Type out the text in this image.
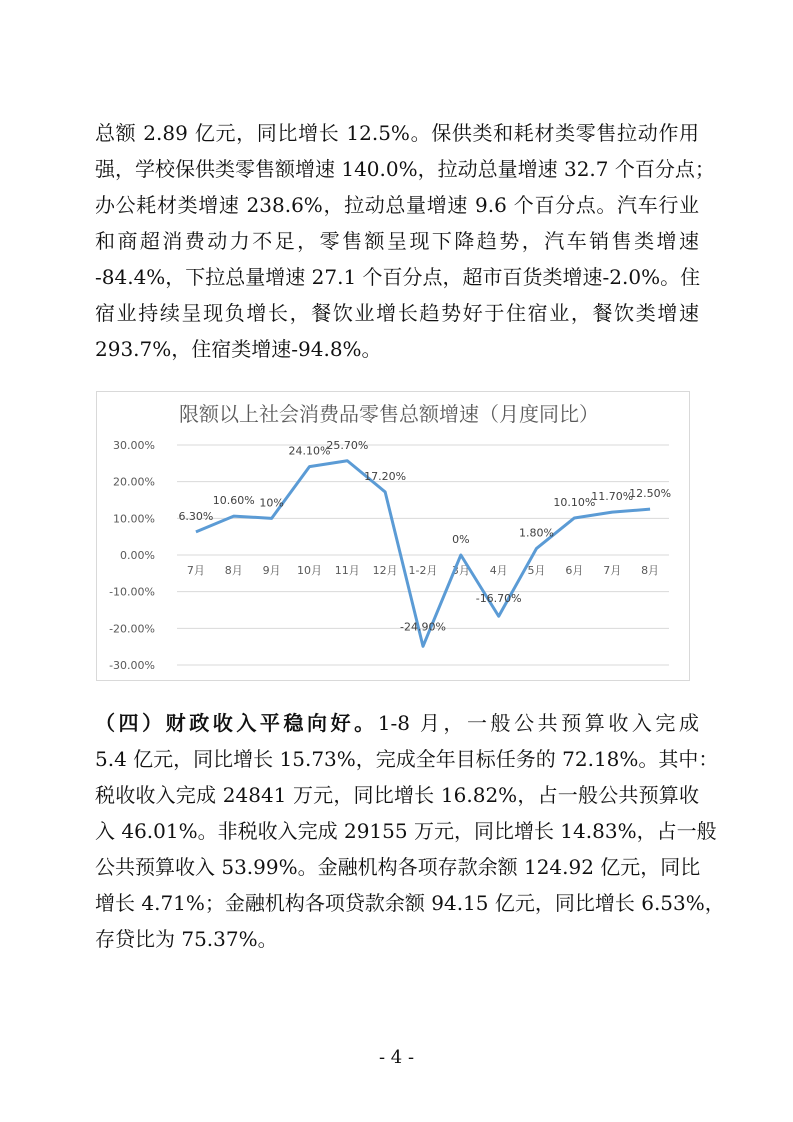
总额 2.89 亿元，同比增长 12.5%。保供类和耗材类零售拉动作用
强，学校保供类零售额增速 140.0%，拉动总量增速 32.7 个百分点；
办公耗材类增速 238.6%，拉动总量增速 9.6 个百分点。汽车行业
和商超消费动力不足，零售额呈现下降趋势，汽车销售类增速
-84.4%，下拉总量增速 27.1 个百分点，超市百货类增速-2.0%。住
宿业持续呈现负增长，餐饮业增长趋势好于住宿业，餐饮类增速
293.7%，住宿类增速-94.8%。
限额以上社会消费品零售总额增速（月度同比）
30.00%
20.00%
10.00%
0.00%
-10.00%
-20.00%
-30.00%
7月 8月 9月 10月 11月 12月 1-2月 3月 4月 5月 6月 7月 8月
6.30%
10.60% 10%
24.10%
25.70%
17.20%
-24.90%
0%
-16.70%
1.80%
10.10%
11.70%
12.50%
（四）财政收入平稳向好。1-8 月，一般公共预算收入完成
5.4 亿元，同比增长 15.73%，完成全年目标任务的 72.18%。其中：
税收收入完成 24841 万元，同比增长 16.82%，占一般公共预算收
入 46.01%。非税收入完成 29155 万元，同比增长 14.83%，占一般
公共预算收入 53.99%。金融机构各项存款余额 124.92 亿元，同比
增长 4.71%；金融机构各项贷款余额 94.15 亿元，同比增长 6.53%，
存贷比为 75.37%。
- 4 -
